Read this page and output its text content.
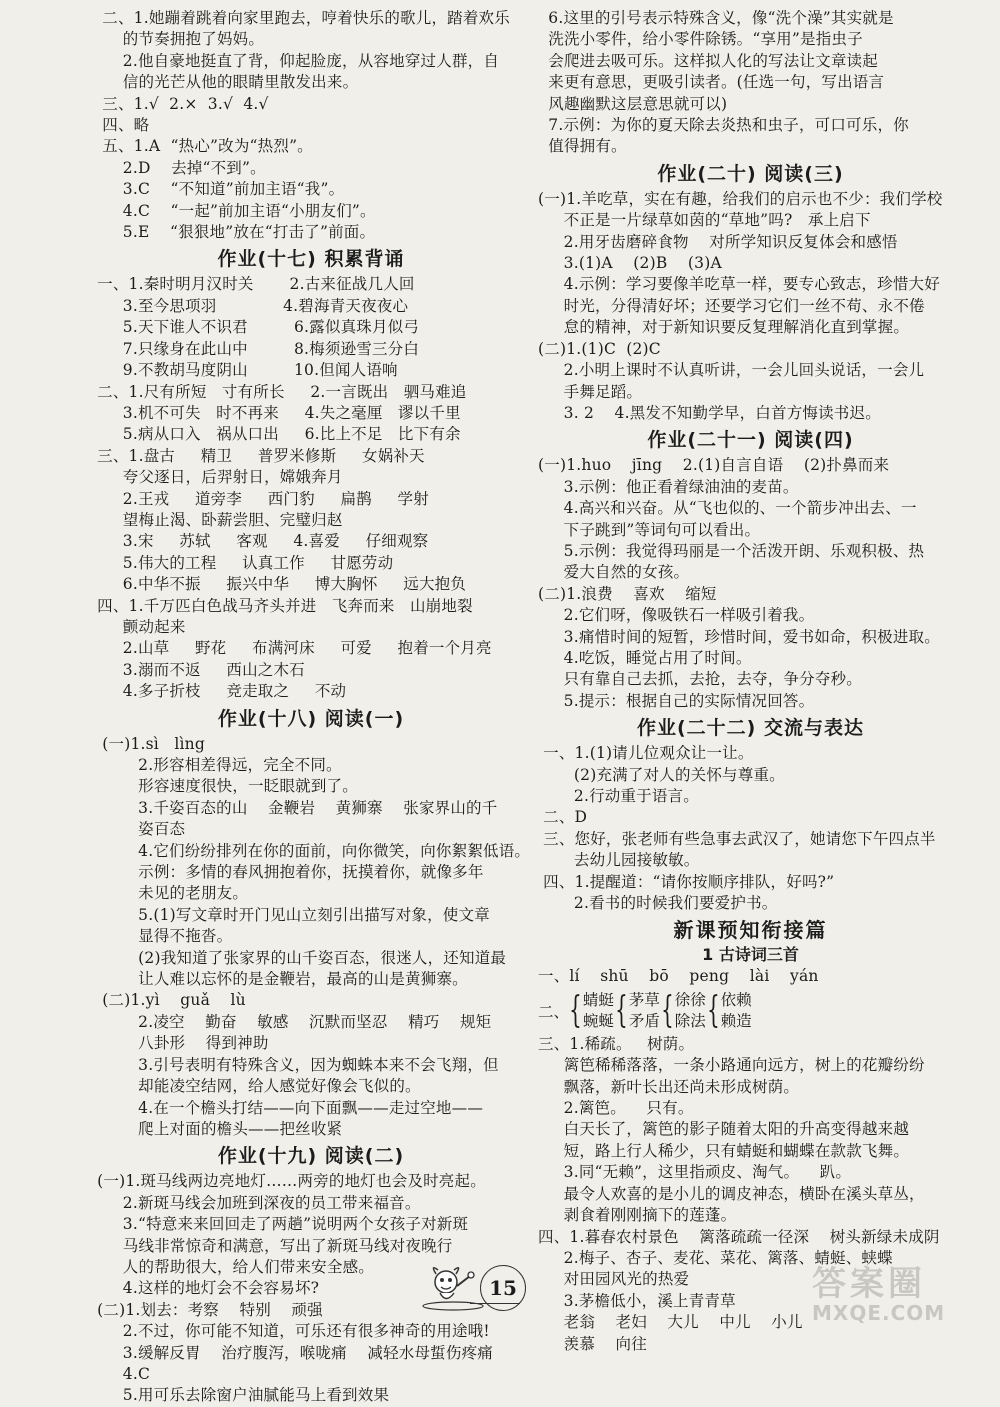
二、1.她蹦着跳着向家里跑去，哼着快乐的歌儿，踏着欢乐
的节奏拥抱了妈妈。
2.他自豪地挺直了背，仰起脸庞，从容地穿过人群，自
信的光芒从他的眼睛里散发出来。
三、1.√  2.×  3.√  4.√
四、略
五、1.A  “热心”改为“热烈”。
2.D    去掉“不到”。
3.C    “不知道”前加主语“我”。
4.C    “一起”前加主语“小朋友们”。
5.E    “狠狠地”放在“打击了”前面。
作业(十七) 积累背诵
一、1.秦时明月汉时关       2.古来征战几人回
3.至今思项羽             4.碧海青天夜夜心
5.天下谁人不识君         6.露似真珠月似弓
7.只缘身在此山中         8.梅须逊雪三分白
9.不教胡马度阴山         10.但闻人语响
二、1.尺有所短   寸有所长     2.一言既出   驷马难追
3.机不可失   时不再来     4.失之毫厘   谬以千里
5.病从口入   祸从口出     6.比上不足   比下有余
三、1.盘古     精卫     普罗米修斯     女娲补天
夸父逐日，后羿射日，嫦娥奔月
2.王戎     道旁李     西门豹     扁鹊     学射
望梅止渴、卧薪尝胆、完璧归赵
3.宋     苏轼     客观     4.喜爱     仔细观察
5.伟大的工程     认真工作     甘愿劳动
6.中华不振     振兴中华     博大胸怀     远大抱负
四、1.千万匹白色战马齐头并进   飞奔而来   山崩地裂
颤动起来
2.山草     野花     布满河床     可爱     抱着一个月亮
3.溺而不返     西山之木石
4.多子折枝     竞走取之     不动
作业(十八) 阅读(一)
(一)1.sì   lìng
2.形容相差得远，完全不同。
形容速度很快，一眨眼就到了。
3.千姿百态的山    金鞭岩    黄狮寨    张家界山的千
姿百态
4.它们纷纷排列在你的面前，向你微笑，向你絮絮低语。
示例：多情的春风拥抱着你，抚摸着你，就像多年
未见的老朋友。
5.(1)写文章时开门见山立刻引出描写对象，使文章
显得不拖沓。
(2)我知道了张家界的山千姿百态，很迷人，还知道最
让人难以忘怀的是金鞭岩，最高的山是黄狮寨。
(二)1.yì    guǎ    lù
2.凌空    勤奋    敏感    沉默而坚忍    精巧    规矩
八卦形    得到神助
3.引号表明有特殊含义，因为蜘蛛本来不会飞翔，但
却能凌空结网，给人感觉好像会飞似的。
4.在一个檐头打结——向下面飘——走过空地——
爬上对面的檐头——把丝收紧
作业(十九) 阅读(二)
(一)1.斑马线两边亮地灯……两旁的地灯也会及时亮起。
2.新斑马线会加班到深夜的员工带来福音。
3.“特意来来回回走了两趟”说明两个女孩子对新斑
马线非常惊奇和满意，写出了新斑马线对夜晚行
人的帮助很大，给人们带来安全感。
4.这样的地灯会不会容易坏?
(二)1.划去：考察    特别    顽强
2.不过，你可能不知道，可乐还有很多神奇的用途哦!
3.缓解反胃    治疗腹泻，喉咙痛    减轻水母蜇伤疼痛
4.C
5.用可乐去除窗户油腻能马上看到效果
6.这里的引号表示特殊含义，像“洗个澡”其实就是
洗洗小零件，给小零件除锈。“享用”是指虫子
会爬进去吸可乐。这样拟人化的写法让文章读起
来更有意思，更吸引读者。(任选一句，写出语言
风趣幽默这层意思就可以)
7.示例：为你的夏天除去炎热和虫子，可口可乐，你
值得拥有。
作业(二十) 阅读(三)
(一)1.羊吃草，实在有趣，给我们的启示也不少：我们学校
不正是一片绿草如茵的“草地”吗?   承上启下
2.用牙齿磨碎食物    对所学知识反复体会和感悟
3.(1)A    (2)B    (3)A
4.示例：学习要像羊吃草一样，要专心致志，珍惜大好
时光，分得清好坏；还要学习它们一丝不苟、永不倦
怠的精神，对于新知识要反复理解消化直到掌握。
(二)1.(1)C  (2)C
2.小明上课时不认真听讲，一会儿回头说话，一会儿
手舞足蹈。
3. 2    4.黑发不知勤学早，白首方悔读书迟。
作业(二十一) 阅读(四)
(一)1.huo    jīng    2.(1)自言自语    (2)扑鼻而来
3.示例：他正看着绿油油的麦苗。
4.高兴和兴奋。从“飞也似的、一个箭步冲出去、一
下子跳到”等词句可以看出。
5.示例：我觉得玛丽是一个活泼开朗、乐观积极、热
爱大自然的女孩。
(二)1.浪费    喜欢    缩短
2.它们呀，像吸铁石一样吸引着我。
3.痛惜时间的短暂，珍惜时间，爱书如命，积极进取。
4.吃饭，睡觉占用了时间。
只有靠自己去抓，去抢，去夺，争分夺秒。
5.提示：根据自己的实际情况回答。
作业(二十二) 交流与表达
一、1.(1)请儿位观众让一让。
(2)充满了对人的关怀与尊重。
2.行动重于语言。
二、D
三、您好，张老师有些急事去武汉了，她请您下午四点半
去幼儿园接敏敏。
四、1.提醒道：“请你按顺序排队，好吗?”
2.看书的时候我们要爱护书。
新课预知衔接篇
1 古诗词三首
一、lí    shū    bō    peng    lài    yán
二、 { 蜻蜓
蜿蜒 { 茅草
矛盾 { 徐徐
除法 { 依赖
赖造
三、1.稀疏。   树荫。
篱笆稀稀落落，一条小路通向远方，树上的花瓣纷纷
飘落，新叶长出还尚未形成树荫。
2.篱笆。    只有。
白天长了，篱笆的影子随着太阳的升高变得越来越
短，路上行人稀少，只有蜻蜓和蝴蝶在款款飞舞。
3.同“无赖”，这里指顽皮、淘气。    趴。
最令人欢喜的是小儿的调皮神态，横卧在溪头草丛，
剥食着刚刚摘下的莲蓬。
四、1.暮春农村景色    篱落疏疏一径深    树头新绿未成阴
2.梅子、杏子、麦花、菜花、篱落、蜻蜓、蛱蝶
对田园风光的热爱
3.茅檐低小，溪上青青草
老翁    老妇    大儿    中儿    小儿
羡慕    向往
15	答案圈
MXQE.COM
